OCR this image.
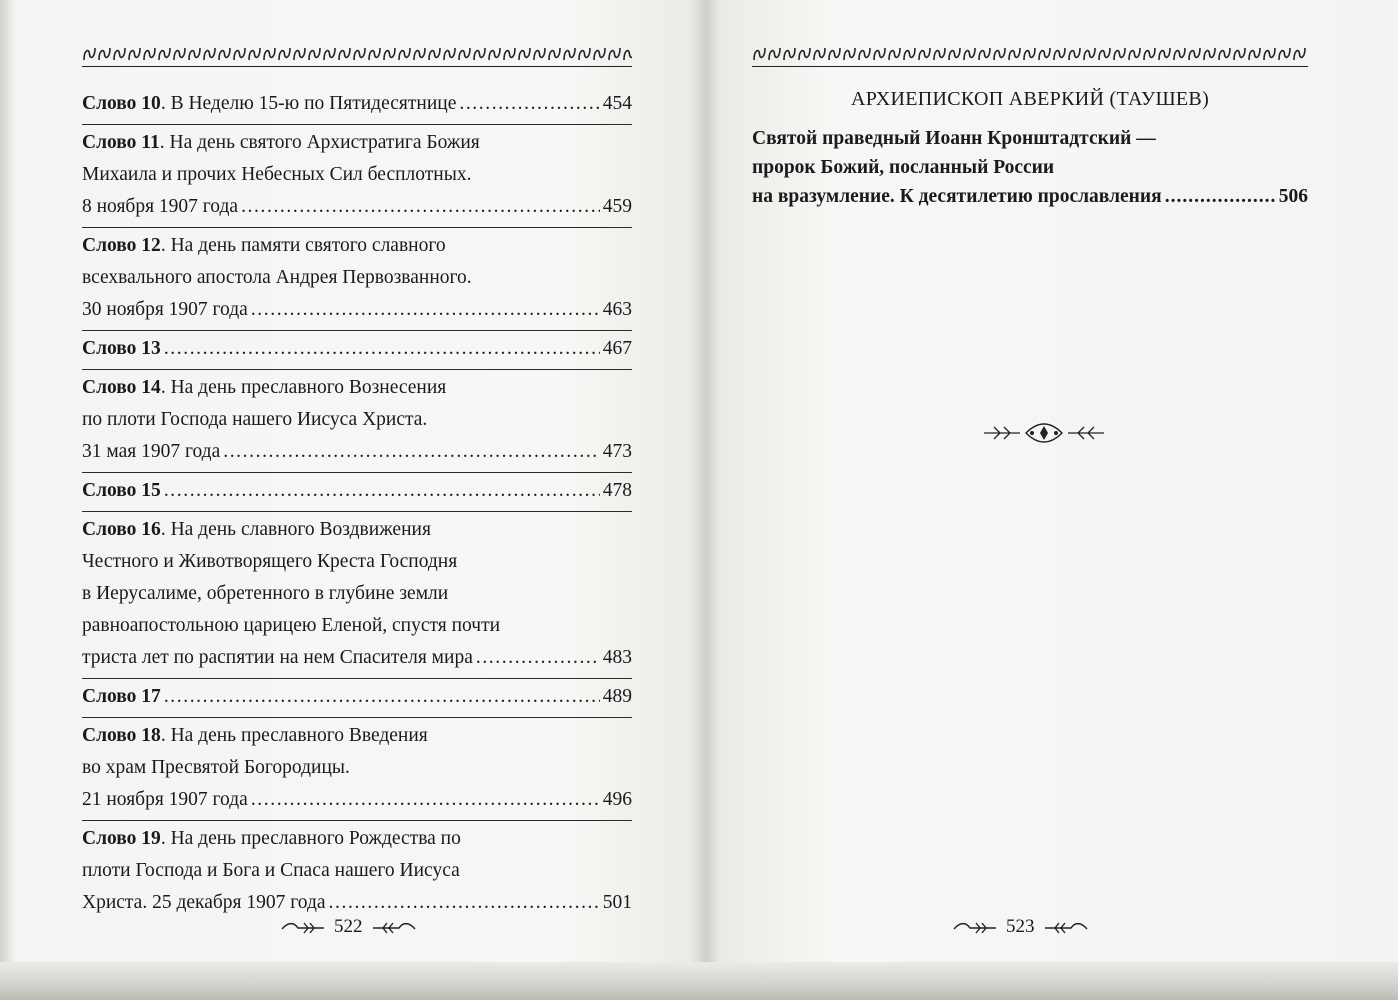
Слово 10. В Неделю 15-ю по Пятидесятнице .....	454
Слово 11. На день святого Архистратига Божия
Михаила и прочих Небесных Сил бесплотных.
8 ноября 1907 года .....	459
Слово 12. На день памяти святого славного
всехвального апостола Андрея Первозванного.
30 ноября 1907 года .....	463
Слово 13 .....	467
Слово 14. На день преславного Вознесения
по плоти Господа нашего Иисуса Христа.
31 мая 1907 года .....	473
Слово 15 .....	478
Слово 16. На день славного Воздвижения
Честного и Животворящего Креста Господня
в Иерусалиме, обретенного в глубине земли
равноапостольною царицею Еленой, спустя почти
триста лет по распятии на нем Спасителя мира .....	483
Слово 17 .....	489
Слово 18. На день преславного Введения
во храм Пресвятой Богородицы.
21 ноября 1907 года .....	496
Слово 19. На день преславного Рождества по
плоти Господа и Бога и Спаса нашего Иисуса
Христа. 25 декабря 1907 года .....	501
522
АРХИЕПИСКОП АВЕРКИЙ (ТАУШЕВ)
Святой праведный Иоанн Кронштадтский —
пророк Божий, посланный России
на вразумление. К десятилетию прославления .....	506
523
